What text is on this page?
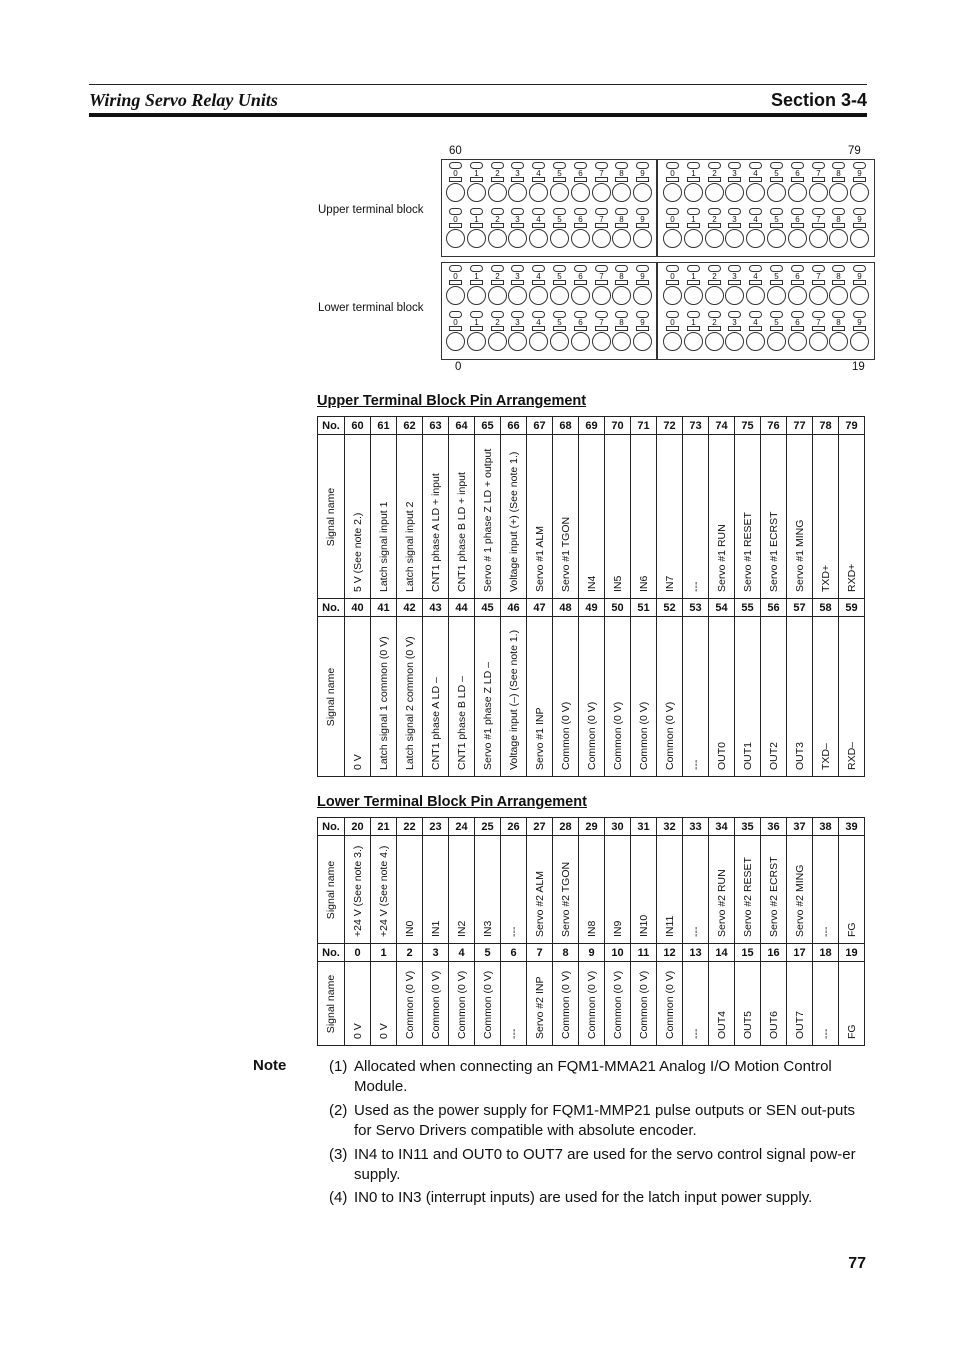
Wiring Servo Relay Units	Section 3-4
60	79
Upper terminal block
Lower terminal block
0	19
0	1	2	3	4	5	6	7	8	9	0	1	2	3	4	5	6	7	8	9
0	1	2	3	4	5	6	7	8	9	0	1	2	3	4	5	6	7	8	9
0	1	2	3	4	5	6	7	8	9	0	1	2	3	4	5	6	7	8	9
0	1	2	3	4	5	6	7	8	9	0	1	2	3	4	5	6	7	8	9
Upper Terminal Block Pin Arrangement
No.	60	61	62	63	64	65	66	67	68	69	70	71	72	73	74	75	76	77	78	79

Signal name	5 V (See note 2.)	Latch signal input 1	Latch signal input 2	CNT1 phase A LD + input	CNT1 phase B LD + input	Servo # 1 phase Z LD + output	Voltage input (+) (See note 1.)	Servo #1 ALM	Servo #1 TGON	IN4	IN5	IN6	IN7	---	Servo #1 RUN	Servo #1 RESET	Servo #1 ECRST	Servo #1 MING	TXD+	RXD+

No.	40	41	42	43	44	45	46	47	48	49	50	51	52	53	54	55	56	57	58	59

Signal name	0 V	Latch signal 1 common (0 V)	Latch signal 2 common (0 V)	CNT1 phase A LD –	CNT1 phase B LD –	Servo #1 phase Z LD –	Voltage input (–) (See note 1.)	Servo #1 INP	Common (0 V)	Common (0 V)	Common (0 V)	Common (0 V)	Common (0 V)	---	OUT0	OUT1	OUT2	OUT3	TXD–	RXD–
Lower Terminal Block Pin Arrangement
No.	20	21	22	23	24	25	26	27	28	29	30	31	32	33	34	35	36	37	38	39

Signal name	+24 V (See note 3.)	+24 V (See note 4.)	IN0	IN1	IN2	IN3	---	Servo #2 ALM	Servo #2 TGON	IN8	IN9	IN10	IN11	---	Servo #2 RUN	Servo #2 RESET	Servo #2 ECRST	Servo #2 MING	---	FG

No.	0	1	2	3	4	5	6	7	8	9	10	11	12	13	14	15	16	17	18	19

Signal name	0 V	0 V	Common (0 V)	Common (0 V)	Common (0 V)	Common (0 V)	---	Servo #2 INP	Common (0 V)	Common (0 V)	Common (0 V)	Common (0 V)	Common (0 V)	---	OUT4	OUT5	OUT6	OUT7	---	FG
Note	(1) Allocated when connecting an FQM1-MMA21 Analog I/O Motion Control Module.
(2) Used as the power supply for FQM1-MMP21 pulse outputs or SEN out-puts for Servo Drivers compatible with absolute encoder.
(3) IN4 to IN11 and OUT0 to OUT7 are used for the servo control signal pow-er supply.
(4) IN0 to IN3 (interrupt inputs) are used for the latch input power supply.
77
